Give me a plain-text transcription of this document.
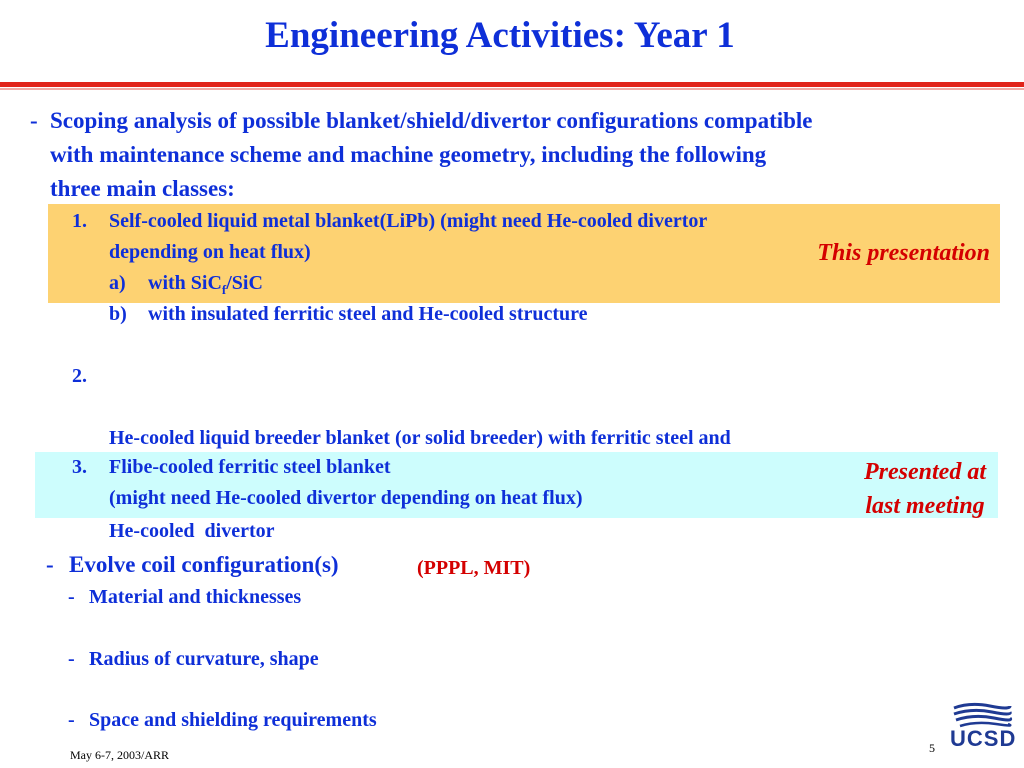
Engineering Activities: Year 1
- Scoping analysis of possible blanket/shield/divertor configurations compatible
with maintenance scheme and machine geometry, including the following
three main classes:
1. Self-cooled liquid metal blanket(LiPb) (might need He-cooled divertor
depending on heat flux)
a) with SiC$_f$/SiC
b) with insulated ferritic steel and He-cooled structure
This presentation
2.

He-cooled liquid breeder blanket (or solid breeder) with ferritic steel and

He-cooled  divertor

3. Flibe-cooled ferritic steel blanket
(might need He-cooled divertor depending on heat flux)
Presented at
last meeting
- Evolve coil configuration(s)	(PPPL, MIT)
- Material and thicknesses
- Radius of curvature, shape
- Space and shielding requirements
May 6-7, 2003/ARR	5 UCSD
